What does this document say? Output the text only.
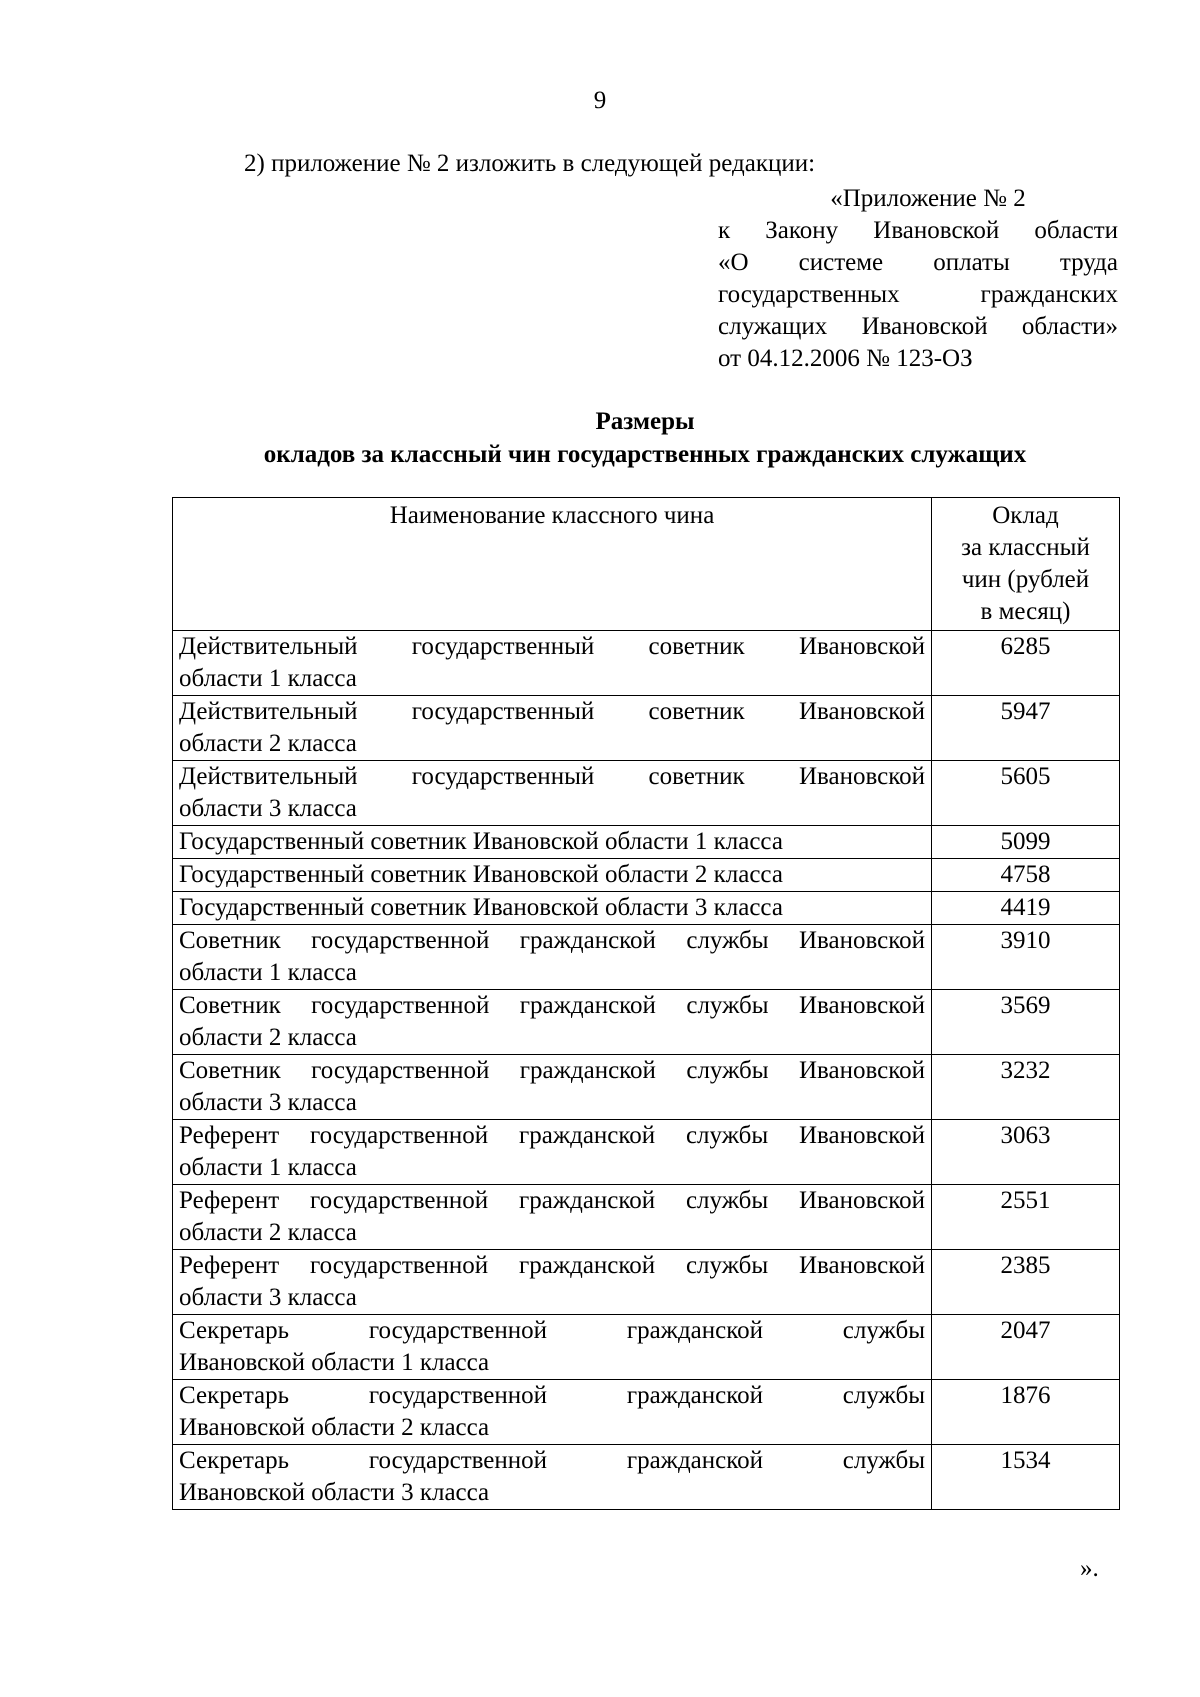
9
2) приложение № 2 изложить в следующей редакции:
«Приложение № 2
к Закону Ивановской области
«О системе оплаты труда
государственных гражданских
служащих Ивановской области»
от 04.12.2006 № 123-ОЗ
Размеры
окладов за классный чин государственных гражданских служащих
Наименование классного чина	Оклад
за классный
чин (рублей
в месяц)

Действительный государственный советник Ивановской
области 1 класса	6285

Действительный государственный советник Ивановской
области 2 класса	5947

Действительный государственный советник Ивановской
области 3 класса	5605

Государственный советник Ивановской области 1 класса	5099

Государственный советник Ивановской области 2 класса	4758

Государственный советник Ивановской области 3 класса	4419

Советник государственной гражданской службы Ивановской
области 1 класса	3910

Советник государственной гражданской службы Ивановской
области 2 класса	3569

Советник государственной гражданской службы Ивановской
области 3 класса	3232

Референт государственной гражданской службы Ивановской
области 1 класса	3063

Референт государственной гражданской службы Ивановской
области 2 класса	2551

Референт государственной гражданской службы Ивановской
области 3 класса	2385

Секретарь государственной гражданской службы
Ивановской области 1 класса	2047

Секретарь государственной гражданской службы
Ивановской области 2 класса	1876

Секретарь государственной гражданской службы
Ивановской области 3 класса	1534
».
